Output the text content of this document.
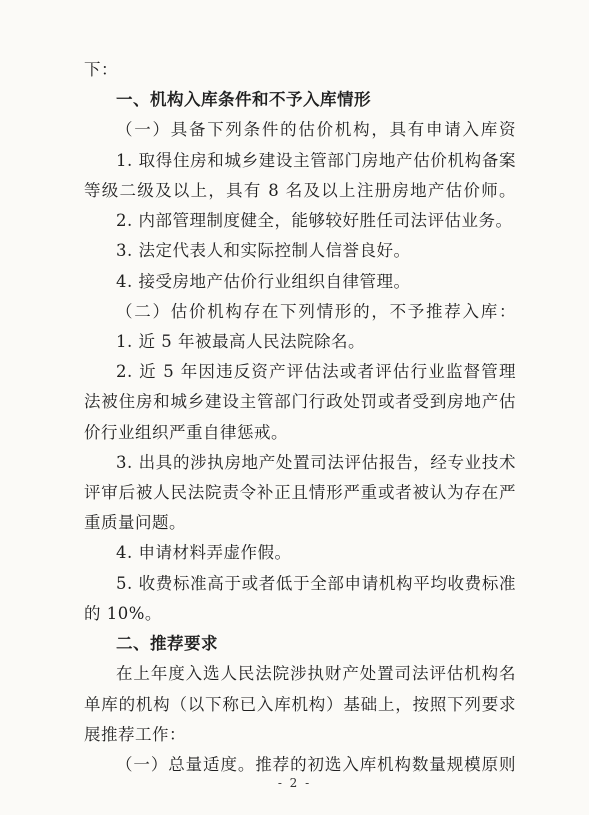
下：
一、机构入库条件和不予入库情形
（一）具备下列条件的估价机构，具有申请入库资
1. 取得住房和城乡建设主管部门房地产估价机构备案
等级二级及以上，具有 8 名及以上注册房地产估价师。
2. 内部管理制度健全，能够较好胜任司法评估业务。
3. 法定代表人和实际控制人信誉良好。
4. 接受房地产估价行业组织自律管理。
（二）估价机构存在下列情形的，不予推荐入库：
1. 近 5 年被最高人民法院除名。
2. 近 5 年因违反资产评估法或者评估行业监督管理
法被住房和城乡建设主管部门行政处罚或者受到房地产估
价行业组织严重自律惩戒。
3. 出具的涉执房地产处置司法评估报告，经专业技术
评审后被人民法院责令补正且情形严重或者被认为存在严
重质量问题。
4. 申请材料弄虚作假。
5. 收费标准高于或者低于全部申请机构平均收费标准
的 10%。
二、推荐要求
在上年度入选人民法院涉执财产处置司法评估机构名
单库的机构（以下称已入库机构）基础上，按照下列要求
展推荐工作：
（一）总量适度。推荐的初选入库机构数量规模原则
- 2 -
